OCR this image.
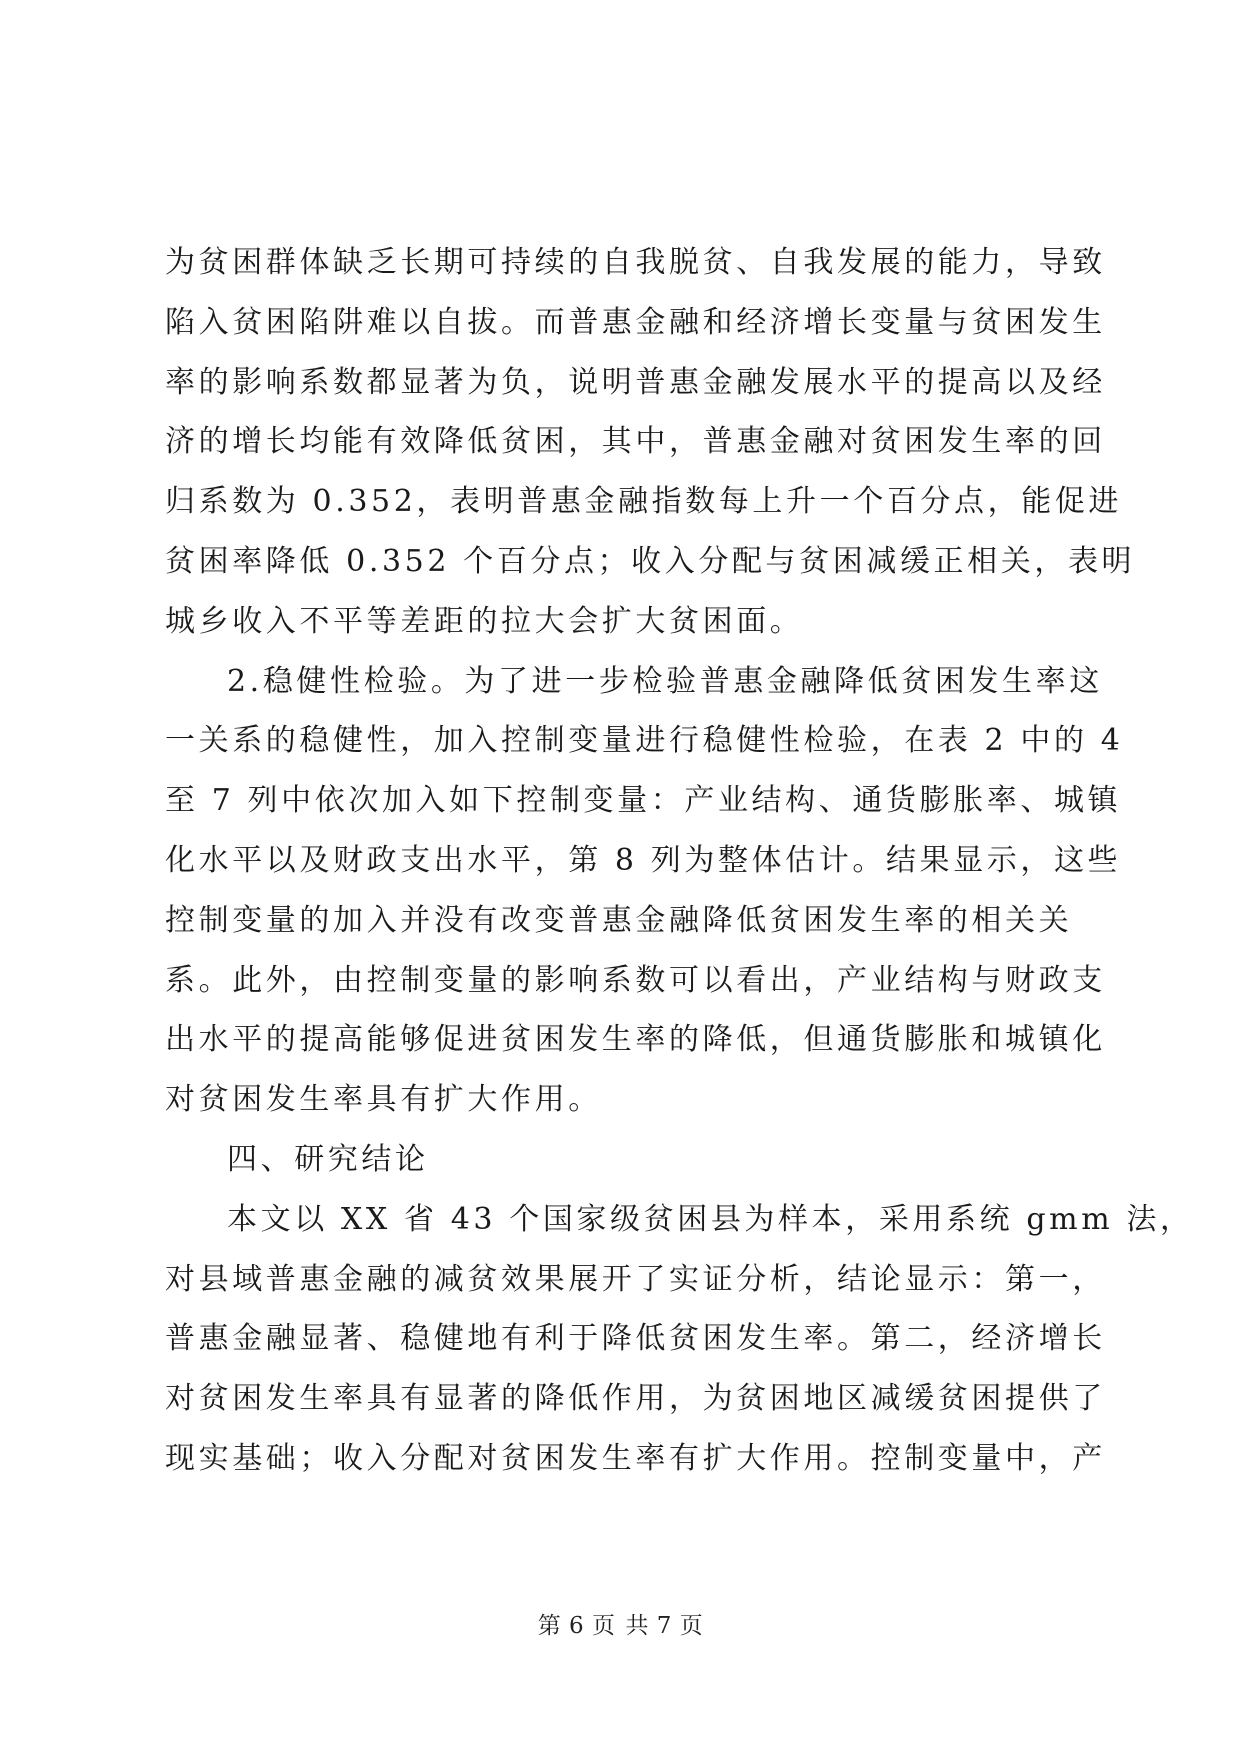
为贫困群体缺乏长期可持续的自我脱贫、自我发展的能力，导致
陷入贫困陷阱难以自拔。而普惠金融和经济增长变量与贫困发生
率的影响系数都显著为负，说明普惠金融发展水平的提高以及经
济的增长均能有效降低贫困，其中，普惠金融对贫困发生率的回
归系数为 0.352，表明普惠金融指数每上升一个百分点，能促进
贫困率降低 0.352 个百分点；收入分配与贫困减缓正相关，表明
城乡收入不平等差距的拉大会扩大贫困面。
2.稳健性检验。为了进一步检验普惠金融降低贫困发生率这
一关系的稳健性，加入控制变量进行稳健性检验，在表 2 中的 4
至 7 列中依次加入如下控制变量：产业结构、通货膨胀率、城镇
化水平以及财政支出水平，第 8 列为整体估计。结果显示，这些
控制变量的加入并没有改变普惠金融降低贫困发生率的相关关
系。此外，由控制变量的影响系数可以看出，产业结构与财政支
出水平的提高能够促进贫困发生率的降低，但通货膨胀和城镇化
对贫困发生率具有扩大作用。
四、研究结论
本文以 XX 省 43 个国家级贫困县为样本，采用系统 gmm 法，
对县域普惠金融的减贫效果展开了实证分析，结论显示：第一，
普惠金融显著、稳健地有利于降低贫困发生率。第二，经济增长
对贫困发生率具有显著的降低作用，为贫困地区减缓贫困提供了
现实基础；收入分配对贫困发生率有扩大作用。控制变量中，产
第 6 页 共 7 页
